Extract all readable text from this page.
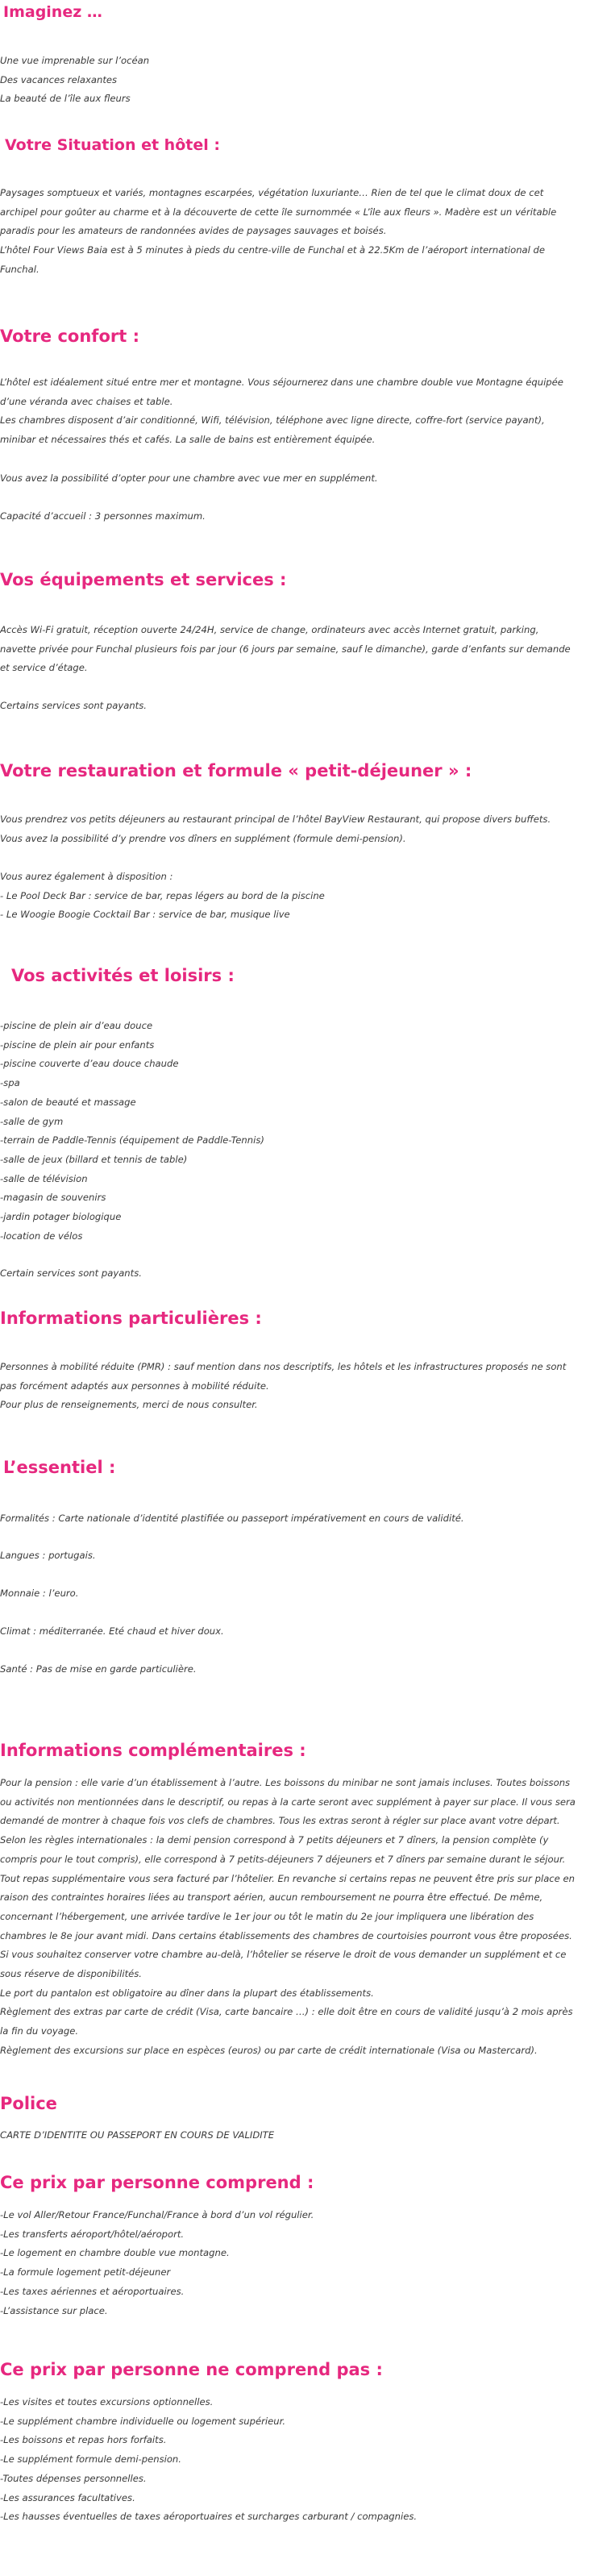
Imaginez …
Une vue imprenable sur l’océan
Des vacances relaxantes
La beauté de l’île aux fleurs
Votre Situation et hôtel :
Paysages somptueux et variés, montagnes escarpées, végétation luxuriante… Rien de tel que le climat doux de cet
archipel pour goûter au charme et à la découverte de cette île surnommée « L’île aux fleurs ». Madère est un véritable
paradis pour les amateurs de randonnées avides de paysages sauvages et boisés.
L’hôtel Four Views Baia est à 5 minutes à pieds du centre-ville de Funchal et à 22.5Km de l’aéroport international de
Funchal.
Votre confort :
L’hôtel est idéalement situé entre mer et montagne. Vous séjournerez dans une chambre double vue Montagne équipée
d’une véranda avec chaises et table.
Les chambres disposent d’air conditionné, Wifi, télévision, téléphone avec ligne directe, coffre-fort (service payant),
minibar et nécessaires thés et cafés. La salle de bains est entièrement équipée.
Vous avez la possibilité d’opter pour une chambre avec vue mer en supplément.
Capacité d’accueil : 3 personnes maximum.
Vos équipements et services :
Accès Wi-Fi gratuit, réception ouverte 24/24H, service de change, ordinateurs avec accès Internet gratuit, parking,
navette privée pour Funchal plusieurs fois par jour (6 jours par semaine, sauf le dimanche), garde d’enfants sur demande
et service d’étage.
Certains services sont payants.
Votre restauration et formule « petit-déjeuner » :
Vous prendrez vos petits déjeuners au restaurant principal de l’hôtel BayView Restaurant, qui propose divers buffets.
Vous avez la possibilité d’y prendre vos dîners en supplément (formule demi-pension).
Vous aurez également à disposition :
- Le Pool Deck Bar : service de bar, repas légers au bord de la piscine
- Le Woogie Boogie Cocktail Bar : service de bar, musique live
Vos activités et loisirs :
-piscine de plein air d’eau douce
-piscine de plein air pour enfants
-piscine couverte d’eau douce chaude
-spa
-salon de beauté et massage
-salle de gym
-terrain de Paddle-Tennis (équipement de Paddle-Tennis)
-salle de jeux (billard et tennis de table)
-salle de télévision
-magasin de souvenirs
-jardin potager biologique
-location de vélos
Certain services sont payants.
Informations particulières :
Personnes à mobilité réduite (PMR) : sauf mention dans nos descriptifs, les hôtels et les infrastructures proposés ne sont
pas forcément adaptés aux personnes à mobilité réduite.
Pour plus de renseignements, merci de nous consulter.
L’essentiel :
Formalités : Carte nationale d’identité plastifiée ou passeport impérativement en cours de validité.
Langues : portugais.
Monnaie : l’euro.
Climat : méditerranée. Eté chaud et hiver doux.
Santé : Pas de mise en garde particulière.
Informations complémentaires :
Pour la pension : elle varie d’un établissement à l’autre. Les boissons du minibar ne sont jamais incluses. Toutes boissons
ou activités non mentionnées dans le descriptif, ou repas à la carte seront avec supplément à payer sur place. Il vous sera
demandé de montrer à chaque fois vos clefs de chambres. Tous les extras seront à régler sur place avant votre départ.
Selon les règles internationales : la demi pension correspond à 7 petits déjeuners et 7 dîners, la pension complète (y
compris pour le tout compris), elle correspond à 7 petits-déjeuners 7 déjeuners et 7 dîners par semaine durant le séjour.
Tout repas supplémentaire vous sera facturé par l’hôtelier. En revanche si certains repas ne peuvent être pris sur place en
raison des contraintes horaires liées au transport aérien, aucun remboursement ne pourra être effectué. De même,
concernant l’hébergement, une arrivée tardive le 1er jour ou tôt le matin du 2e jour impliquera une libération des
chambres le 8e jour avant midi. Dans certains établissements des chambres de courtoisies pourront vous être proposées.
Si vous souhaitez conserver votre chambre au-delà, l’hôtelier se réserve le droit de vous demander un supplément et ce
sous réserve de disponibilités.
Le port du pantalon est obligatoire au dîner dans la plupart des établissements.
Règlement des extras par carte de crédit (Visa, carte bancaire …) : elle doit être en cours de validité jusqu’à 2 mois après
la fin du voyage.
Règlement des excursions sur place en espèces (euros) ou par carte de crédit internationale (Visa ou Mastercard).
Police
CARTE D’IDENTITE OU PASSEPORT EN COURS DE VALIDITE
Ce prix par personne comprend :
-Le vol Aller/Retour France/Funchal/France à bord d’un vol régulier.
-Les transferts aéroport/hôtel/aéroport.
-Le logement en chambre double vue montagne.
-La formule logement petit-déjeuner
-Les taxes aériennes et aéroportuaires.
-L’assistance sur place.
Ce prix par personne ne comprend pas :
-Les visites et toutes excursions optionnelles.
-Le supplément chambre individuelle ou logement supérieur.
-Les boissons et repas hors forfaits.
-Le supplément formule demi-pension.
-Toutes dépenses personnelles.
-Les assurances facultatives.
-Les hausses éventuelles de taxes aéroportuaires et surcharges carburant / compagnies.
